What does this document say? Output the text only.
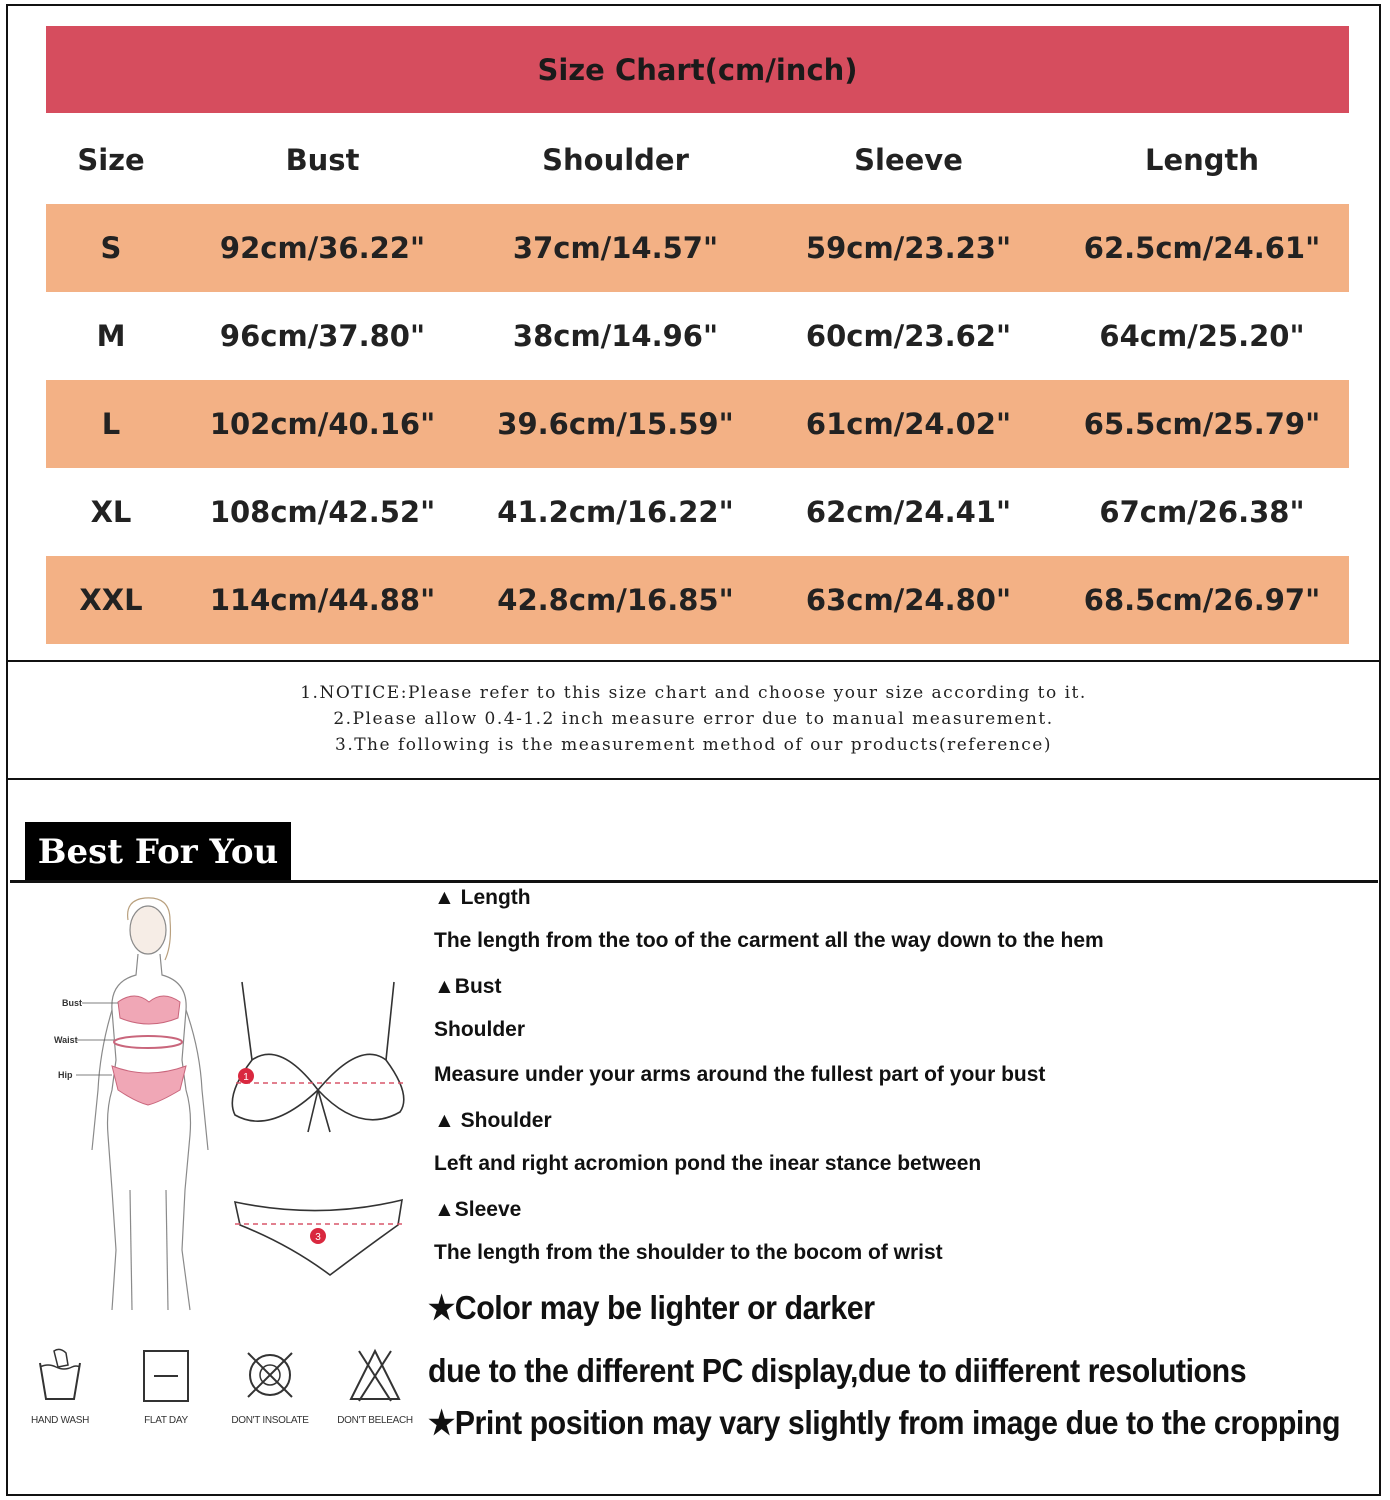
Size Chart(cm/inch)
Size	Bust	Shoulder	Sleeve	Length
S	92cm/36.22"	37cm/14.57"	59cm/23.23"	62.5cm/24.61"
M	96cm/37.80"	38cm/14.96"	60cm/23.62"	64cm/25.20"
L	102cm/40.16"	39.6cm/15.59"	61cm/24.02"	65.5cm/25.79"
XL	108cm/42.52"	41.2cm/16.22"	62cm/24.41"	67cm/26.38"
XXL	114cm/44.88"	42.8cm/16.85"	63cm/24.80"	68.5cm/26.97"
1.NOTICE:Please refer to this size chart and choose your size according to it.
2.Please allow 0.4-1.2 inch measure error due to manual measurement.
3.The following is the measurement method of our products(reference)
Best For You
Bust
Waist
Hip	1
3
▲ Length
The length from the too of the carment all the way down to the hem
▲Bust
Shoulder
Measure under your arms around the fullest part of your bust
▲ Shoulder
Left and right acromion pond the inear stance between
▲Sleeve
The length from the shoulder to the bocom of wrist
★Color may be lighter or darker
due to the different PC display,due to diifferent resolutions
★Print position may vary slightly from image due to the cropping
HAND WASH	FLAT DAY	DON'T INSOLATE	DON'T BELEACH
